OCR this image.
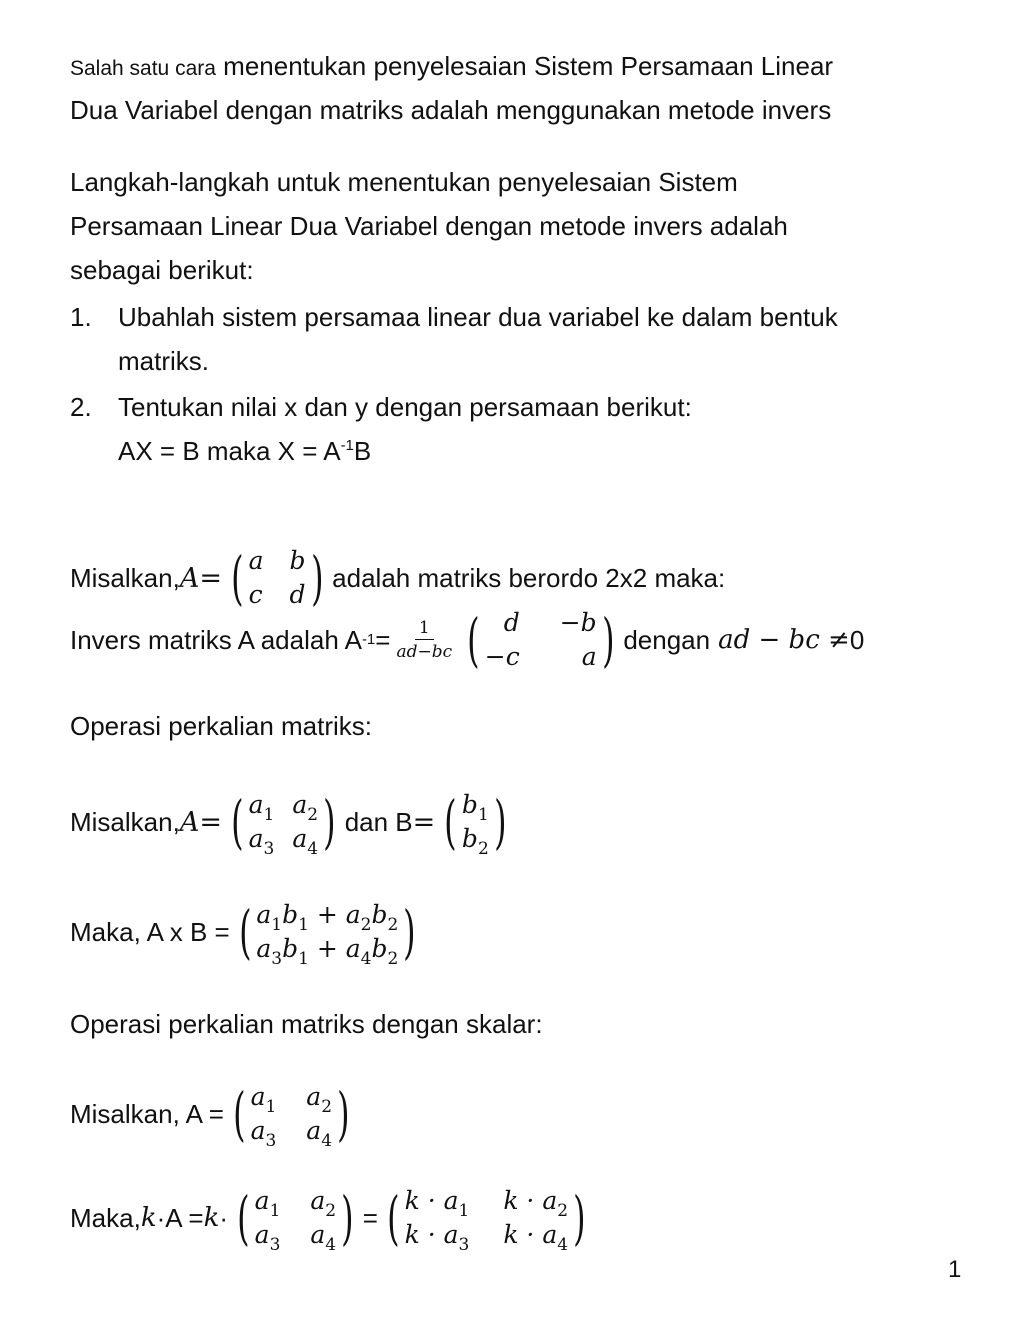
Salah satu cara menentukan penyelesaian Sistem Persamaan Linear
Dua Variabel dengan matriks adalah menggunakan metode invers
Langkah-langkah untuk menentukan penyelesaian Sistem
Persamaan Linear Dua Variabel dengan metode invers adalah
sebagai berikut:
1. Ubahlah sistem persamaa linear dua variabel ke dalam bentuk
matriks.
2. Tentukan nilai x dan y dengan persamaan berikut:
AX = B maka $X = A^{-1}B$
Misalkan, A = ( a b
c d ) adalah matriks berordo 2x2 maka:
Invers matriks A adalah A $-1 = \frac{1}{ad-bc}$ ( d −b
−c	a ) dengan ad − bc ≠ 0
Operasi perkalian matriks:
Misalkan, A = ( $a_1$ $a_2$
$a_3$ $a_4$ ) dan B = ( $b_1$
$b_2$ )
Maka, A x B = ( $a_1b_1 + a_2b_2$
$a_3b_1 + a_4b_2$ )
Operasi perkalian matriks dengan skalar:
Misalkan, A = ( $a_1$ $a_2$
$a_3$ $a_4$ )
Maka, k · A = k · ( $a_1$ $a_2$
$a_3$ $a_4$ ) = ( $k \cdot a_1$ $k \cdot a_2$
$k \cdot a_3$ $k \cdot a_4$ )
1
